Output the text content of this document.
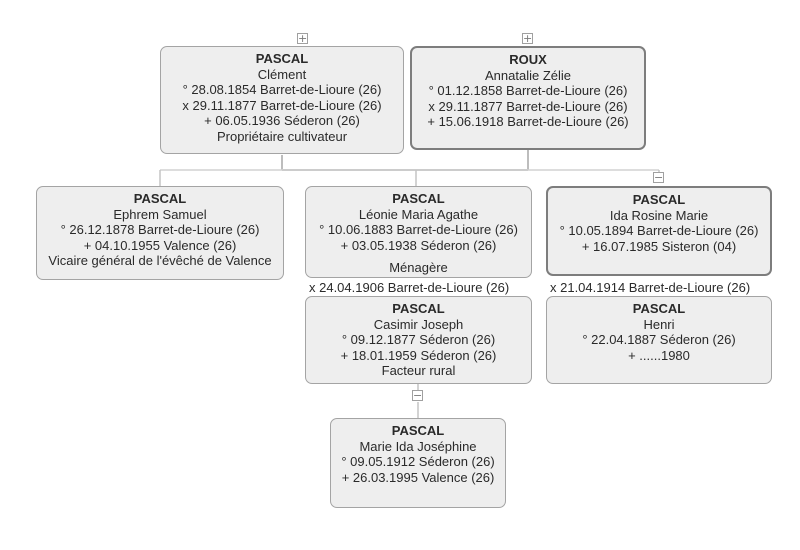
+	+
−
−
PASCAL
Clément
° 28.08.1854 Barret-de-Lioure (26)
x 29.11.1877 Barret-de-Lioure (26)
+ 06.05.1936 Séderon (26)
Propriétaire cultivateur
ROUX
Annatalie Zélie
° 01.12.1858 Barret-de-Lioure (26)
x 29.11.1877 Barret-de-Lioure (26)
+ 15.06.1918 Barret-de-Lioure (26)
PASCAL
Ephrem Samuel
° 26.12.1878 Barret-de-Lioure (26)
+ 04.10.1955 Valence (26)
Vicaire général de l'évêché de Valence
PASCAL
Léonie Maria Agathe
° 10.06.1883 Barret-de-Lioure (26)
+ 03.05.1938 Séderon (26)
Ménagère
x 24.04.1906 Barret-de-Lioure (26)
PASCAL
Ida Rosine Marie
° 10.05.1894 Barret-de-Lioure (26)
+ 16.07.1985 Sisteron (04)
x 21.04.1914 Barret-de-Lioure (26)
PASCAL
Casimir Joseph
° 09.12.1877 Séderon (26)
+ 18.01.1959 Séderon (26)
Facteur rural
PASCAL
Henri
° 22.04.1887 Séderon (26)
+ ......1980
PASCAL
Marie Ida Joséphine
° 09.05.1912 Séderon (26)
+ 26.03.1995 Valence (26)
